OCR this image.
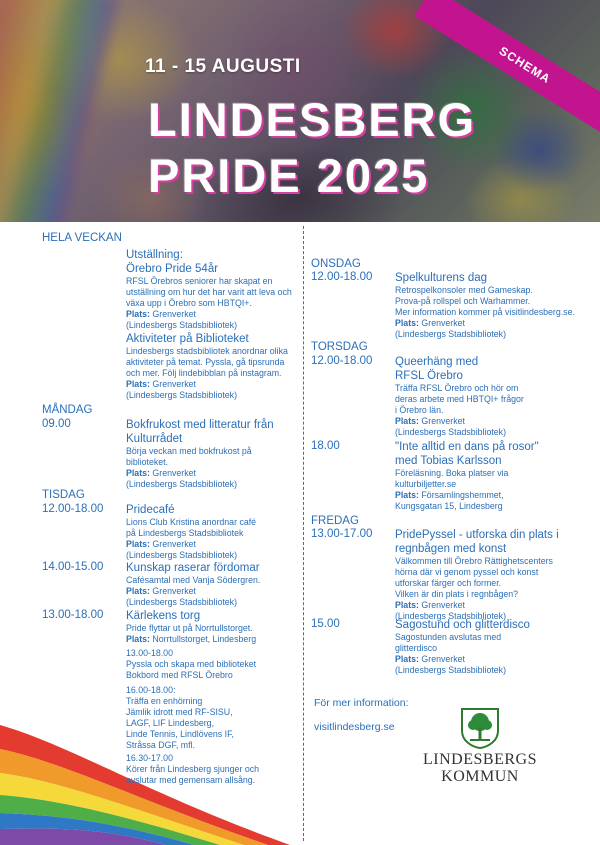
11 - 15 AUGUSTI
LINDESBERG
PRIDE 2025
SCHEMA
HELA VECKAN
Utställning:
Örebro Pride 54år
RFSL Örebros seniorer har skapat en
utställning om hur det har varit att leva och
växa upp i Örebro som HBTQI+.
Plats: Grenverket
(Lindesbergs Stadsbibliotek)
Aktiviteter på Biblioteket
Lindesbergs stadsbibliotek anordnar olika
aktiviteter på temat. Pyssla, gå tipsrunda
och mer. Följ lindebibblan på instagram.
Plats: Grenverket
(Lindesbergs Stadsbibliotek)
MÅNDAG
09.00	Bokfrukost med litteratur från
Kulturrådet
Börja veckan med bokfrukost på
biblioteket.
Plats: Grenverket
(Lindesbergs Stadsbibliotek)
TISDAG
12.00-18.00 Pridecafé
Lions Club Kristina anordnar café
på Lindesbergs Stadsbibliotek
Plats: Grenverket
(Lindesbergs Stadsbibliotek)
14.00-15.00 Kunskap raserar fördomar
Cafésamtal med Vanja Södergren.
Plats: Grenverket
(Lindesbergs Stadsbibliotek)
13.00-18.00 Kärlekens torg
Pride flyttar ut på Norrtullstorget.
Plats: Norrtullstorget, Lindesberg
13.00-18.00
Pyssla och skapa med biblioteket
Bokbord med RFSL Örebro
16.00-18.00:
Träffa en enhörning
Jämlik idrott med RF-SISU,
LAGF, LIF Lindesberg,
Linde Tennis, Lindlövens IF,
Stråssa DGF, mfl.
16.30-17.00
Körer från Lindesberg sjunger och
avslutar med gemensam allsång.
ONSDAG
12.00-18.00 Spelkulturens dag
Retrospelkonsoler med Gameskap.
Prova-på rollspel och Warhammer.
Mer information kommer på visitlindesberg.se.
Plats: Grenverket
(Lindesbergs Stadsbibliotek)
TORSDAG
12.00-18.00 Queerhäng med
RFSL Örebro
Träffa RFSL Örebro och hör om
deras arbete med HBTQI+ frågor
i Örebro län.
Plats: Grenverket
(Lindesbergs Stadsbibliotek)
18.00	"Inte alltid en dans på rosor"
med Tobias Karlsson
Föreläsning. Boka platser via
kulturbiljetter.se
Plats: Församlingshemmet,
Kungsgatan 15, Lindesberg
FREDAG
13.00-17.00 PridePyssel - utforska din plats i
regnbågen med konst
Välkommen till Örebro Rättighetscenters
hörna där vi genom pyssel och konst
utforskar färger och former.
Vilken är din plats i regnbågen?
Plats: Grenverket
(Lindesbergs Stadsbibliotek)
15.00	Sagostund och glitterdisco
Sagostunden avslutas med
glitterdisco
Plats: Grenverket
(Lindesbergs Stadsbibliotek)
För mer information:
visitlindesberg.se
LINDESBERGS
KOMMUN
